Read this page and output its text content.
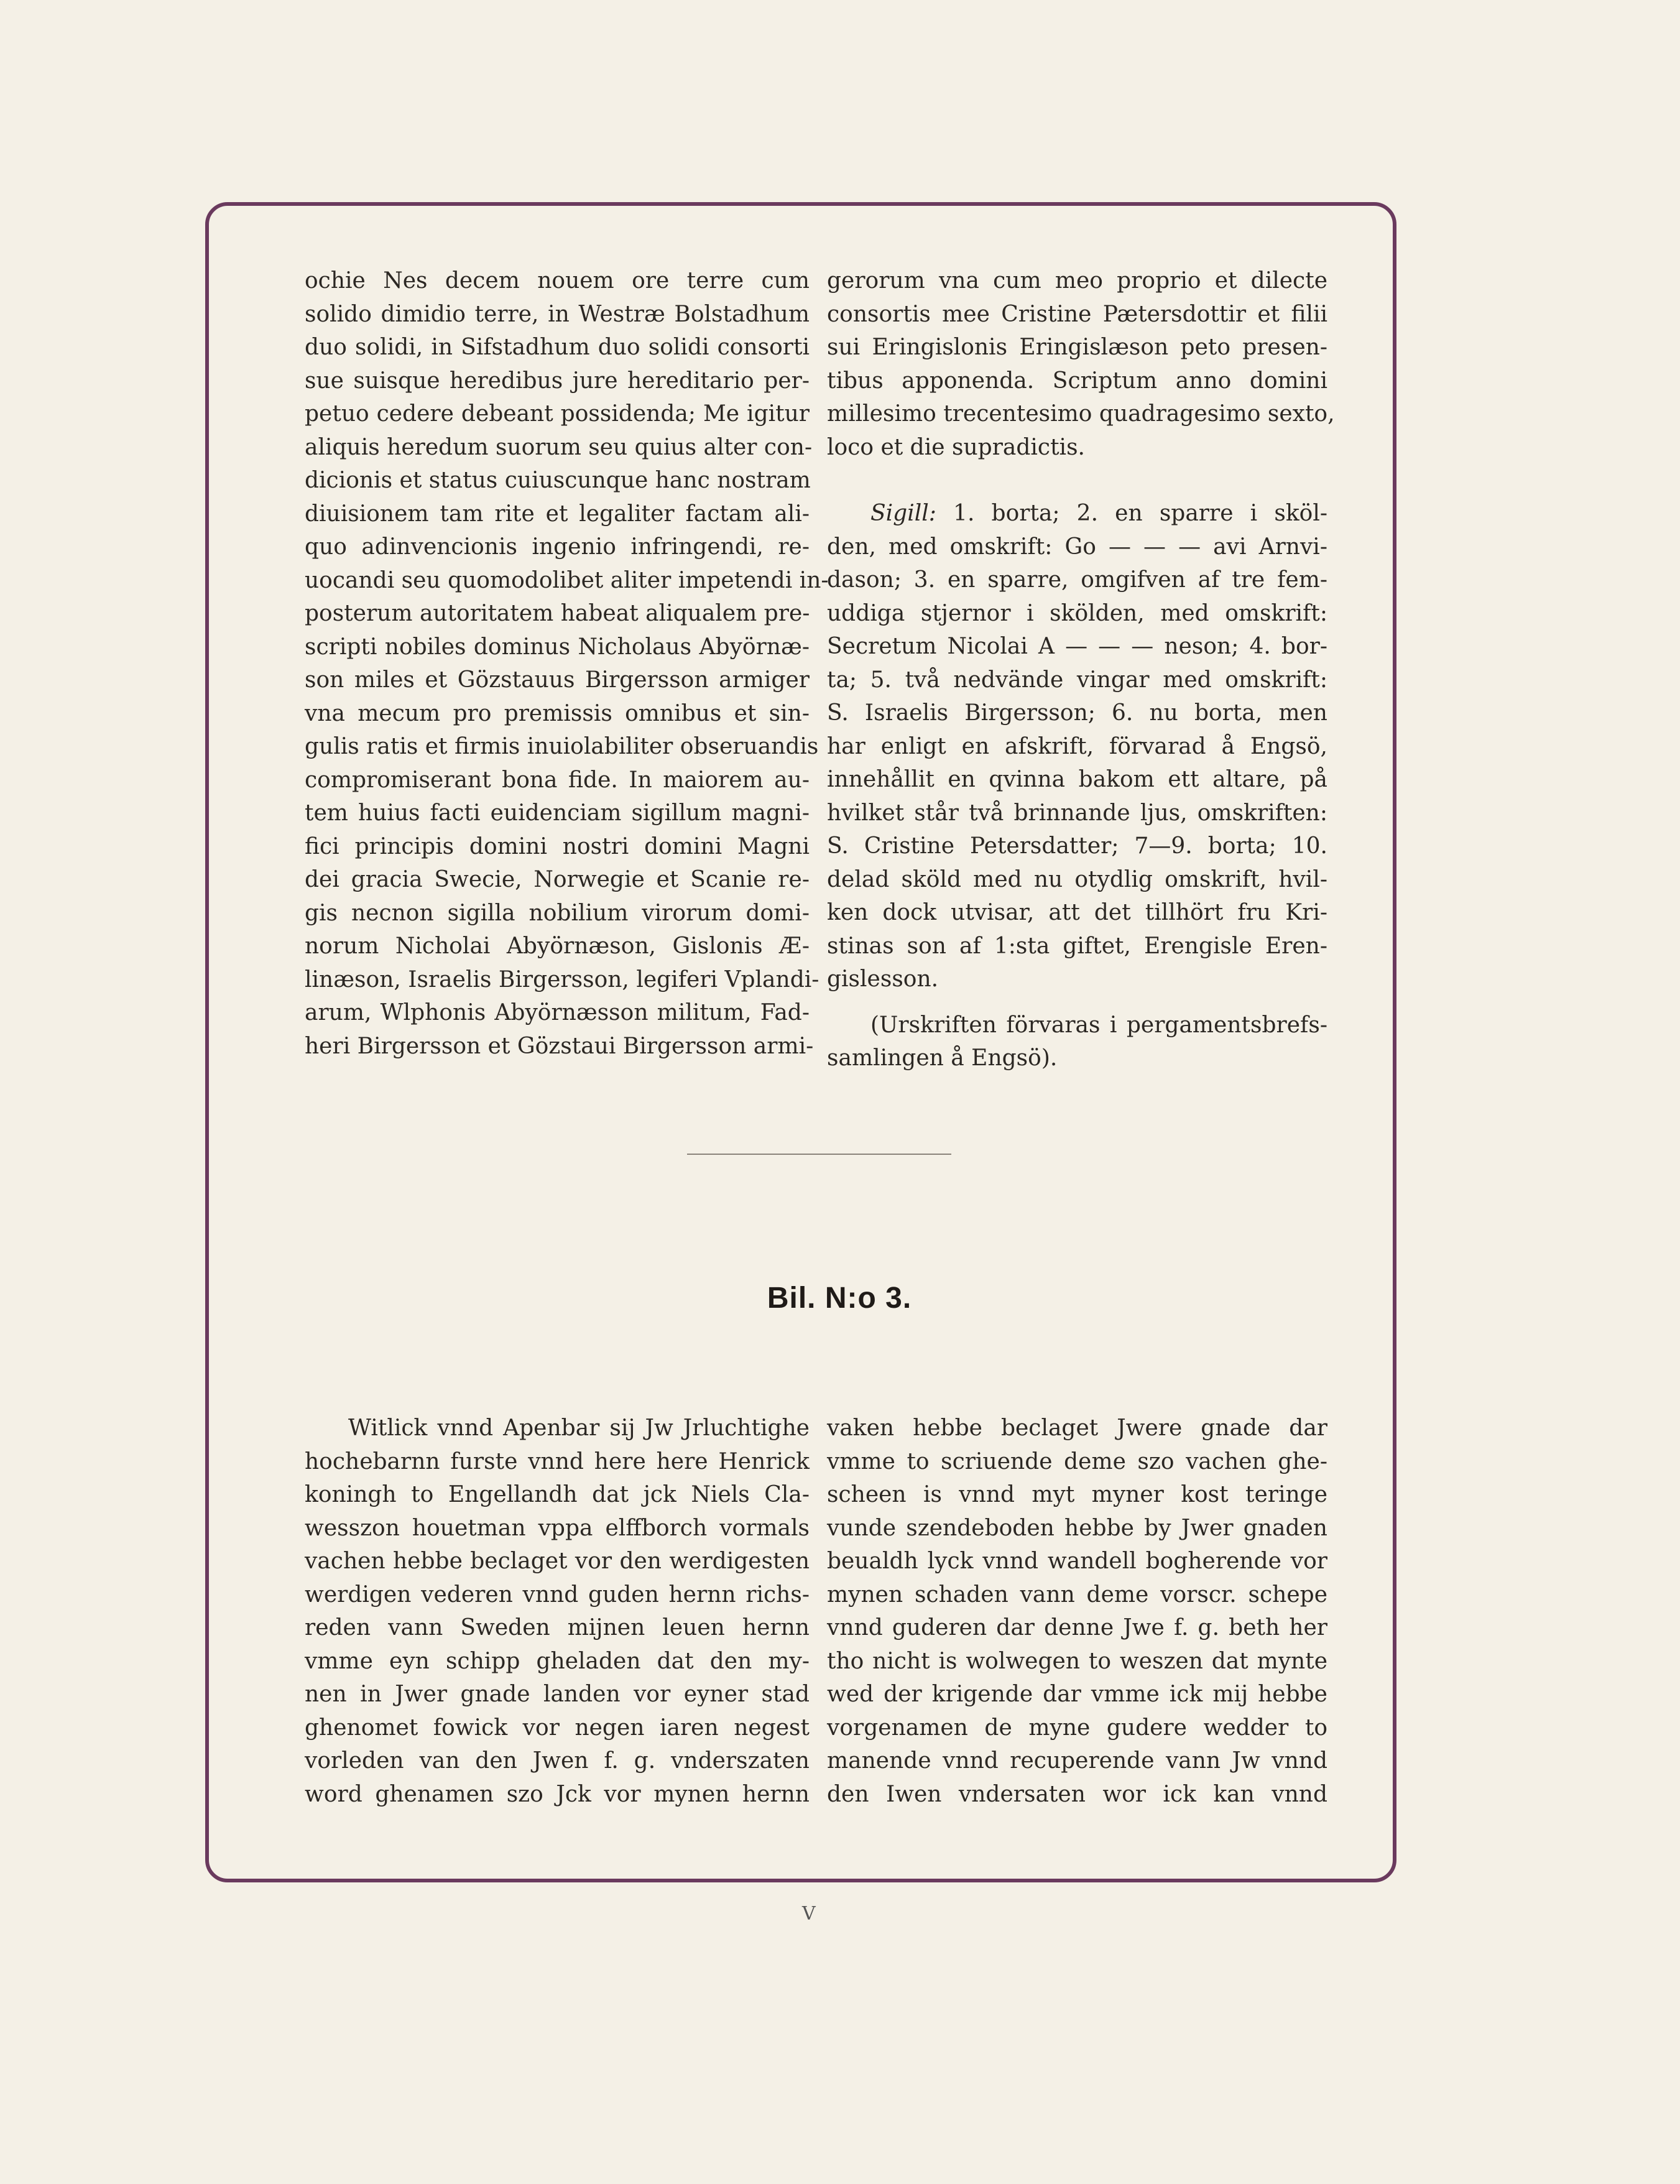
ochie Nes decem nouem ore terre cum
solido dimidio terre, in Westræ Bolstadhum
duo solidi, in Sifstadhum duo solidi consorti
sue suisque heredibus jure hereditario per-
petuo cedere debeant possidenda; Me igitur
aliquis heredum suorum seu quius alter con-
dicionis et status cuiuscunque hanc nostram
diuisionem tam rite et legaliter factam ali-
quo adinvencionis ingenio infringendi, re-
uocandi seu quomodolibet aliter impetendi in-
posterum autoritatem habeat aliqualem pre-
scripti nobiles dominus Nicholaus Abyörnæ-
son miles et Gözstauus Birgersson armiger
vna mecum pro premissis omnibus et sin-
gulis ratis et firmis inuiolabiliter obseruandis
compromiserant bona fide. In maiorem au-
tem huius facti euidenciam sigillum magni-
fici principis domini nostri domini Magni
dei gracia Swecie, Norwegie et Scanie re-
gis necnon sigilla nobilium virorum domi-
norum Nicholai Abyörnæson, Gislonis Æ-
linæson, Israelis Birgersson, legiferi Vplandi-
arum, Wlphonis Abyörnæsson militum, Fad-
heri Birgersson et Gözstaui Birgersson armi-
gerorum vna cum meo proprio et dilecte
consortis mee Cristine Pætersdottir et filii
sui Eringislonis Eringislæson peto presen-
tibus apponenda. Scriptum anno domini
millesimo trecentesimo quadragesimo sexto,
loco et die supradictis.
Sigill: 1. borta; 2. en sparre i sköl-
den, med omskrift: Go — — — avi Arnvi-
dason; 3. en sparre, omgifven af tre fem-
uddiga stjernor i skölden, med omskrift:
Secretum Nicolai A — — — neson; 4. bor-
ta; 5. två nedvände vingar med omskrift:
S. Israelis Birgersson; 6. nu borta, men
har enligt en afskrift, förvarad å Engsö,
innehållit en qvinna bakom ett altare, på
hvilket står två brinnande ljus, omskriften:
S. Cristine Petersdatter; 7—9. borta; 10.
delad sköld med nu otydlig omskrift, hvil-
ken dock utvisar, att det tillhört fru Kri-
stinas son af 1:sta giftet, Erengisle Eren-
gislesson.
(Urskriften förvaras i pergamentsbrefs-
samlingen å Engsö).
Bil. N:o 3.
Witlick vnnd Apenbar sij Jw Jrluchtighe
hochebarnn furste vnnd here here Henrick
koningh to Engellandh dat jck Niels Cla-
wesszon houetman vppa elffborch vormals
vachen hebbe beclaget vor den werdigesten
werdigen vederen vnnd guden hernn richs-
reden vann Sweden mijnen leuen hernn
vmme eyn schipp gheladen dat den my-
nen in Jwer gnade landen vor eyner stad
ghenomet fowick vor negen iaren negest
vorleden van den Jwen f. g. vnderszaten
word ghenamen szo Jck vor mynen hernn
vaken hebbe beclaget Jwere gnade dar
vmme to scriuende deme szo vachen ghe-
scheen is vnnd myt myner kost teringe
vunde szendeboden hebbe by Jwer gnaden
beualdh lyck vnnd wandell bogherende vor
mynen schaden vann deme vorscr. schepe
vnnd guderen dar denne Jwe f. g. beth her
tho nicht is wolwegen to weszen dat mynte
wed der krigende dar vmme ick mij hebbe
vorgenamen de myne gudere wedder to
manende vnnd recuperende vann Jw vnnd
den Iwen vndersaten wor ick kan vnnd
V
